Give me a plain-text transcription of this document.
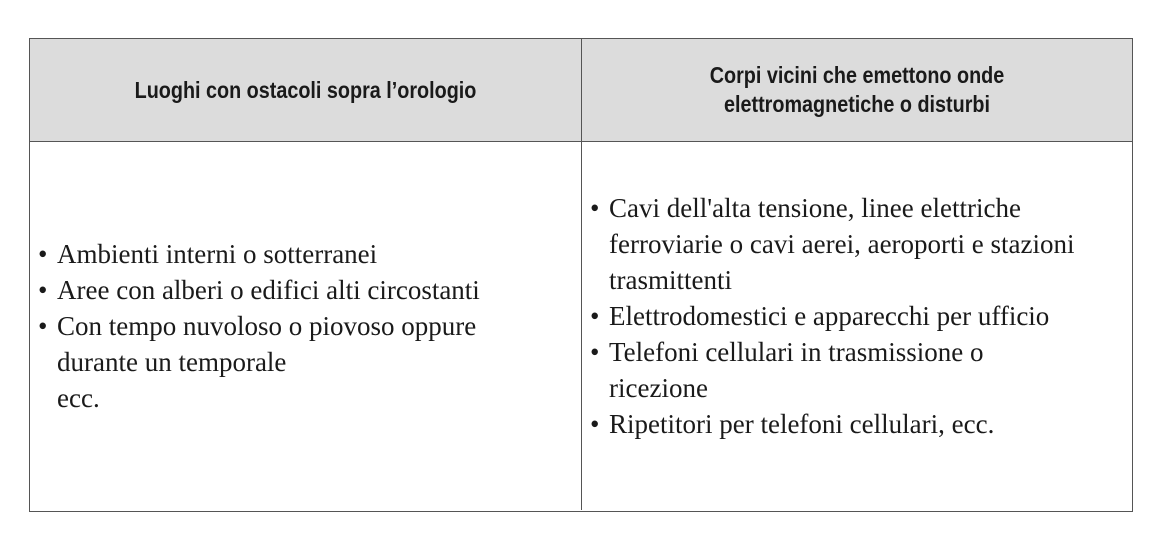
Luoghi con ostacoli sopra l’orologio
Corpi vicini che emettono onde
elettromagnetiche o disturbi
• Ambienti interni o sotterranei
• Aree con alberi o edifici alti circostanti
• Con tempo nuvoloso o piovoso oppure durante un temporale
ecc.
• Cavi dell'alta tensione, linee elettriche ferroviarie o cavi aerei, aeroporti e stazioni trasmittenti
• Elettrodomestici e apparecchi per ufficio
• Telefoni cellulari in trasmissione o ricezione
• Ripetitori per telefoni cellulari, ecc.
